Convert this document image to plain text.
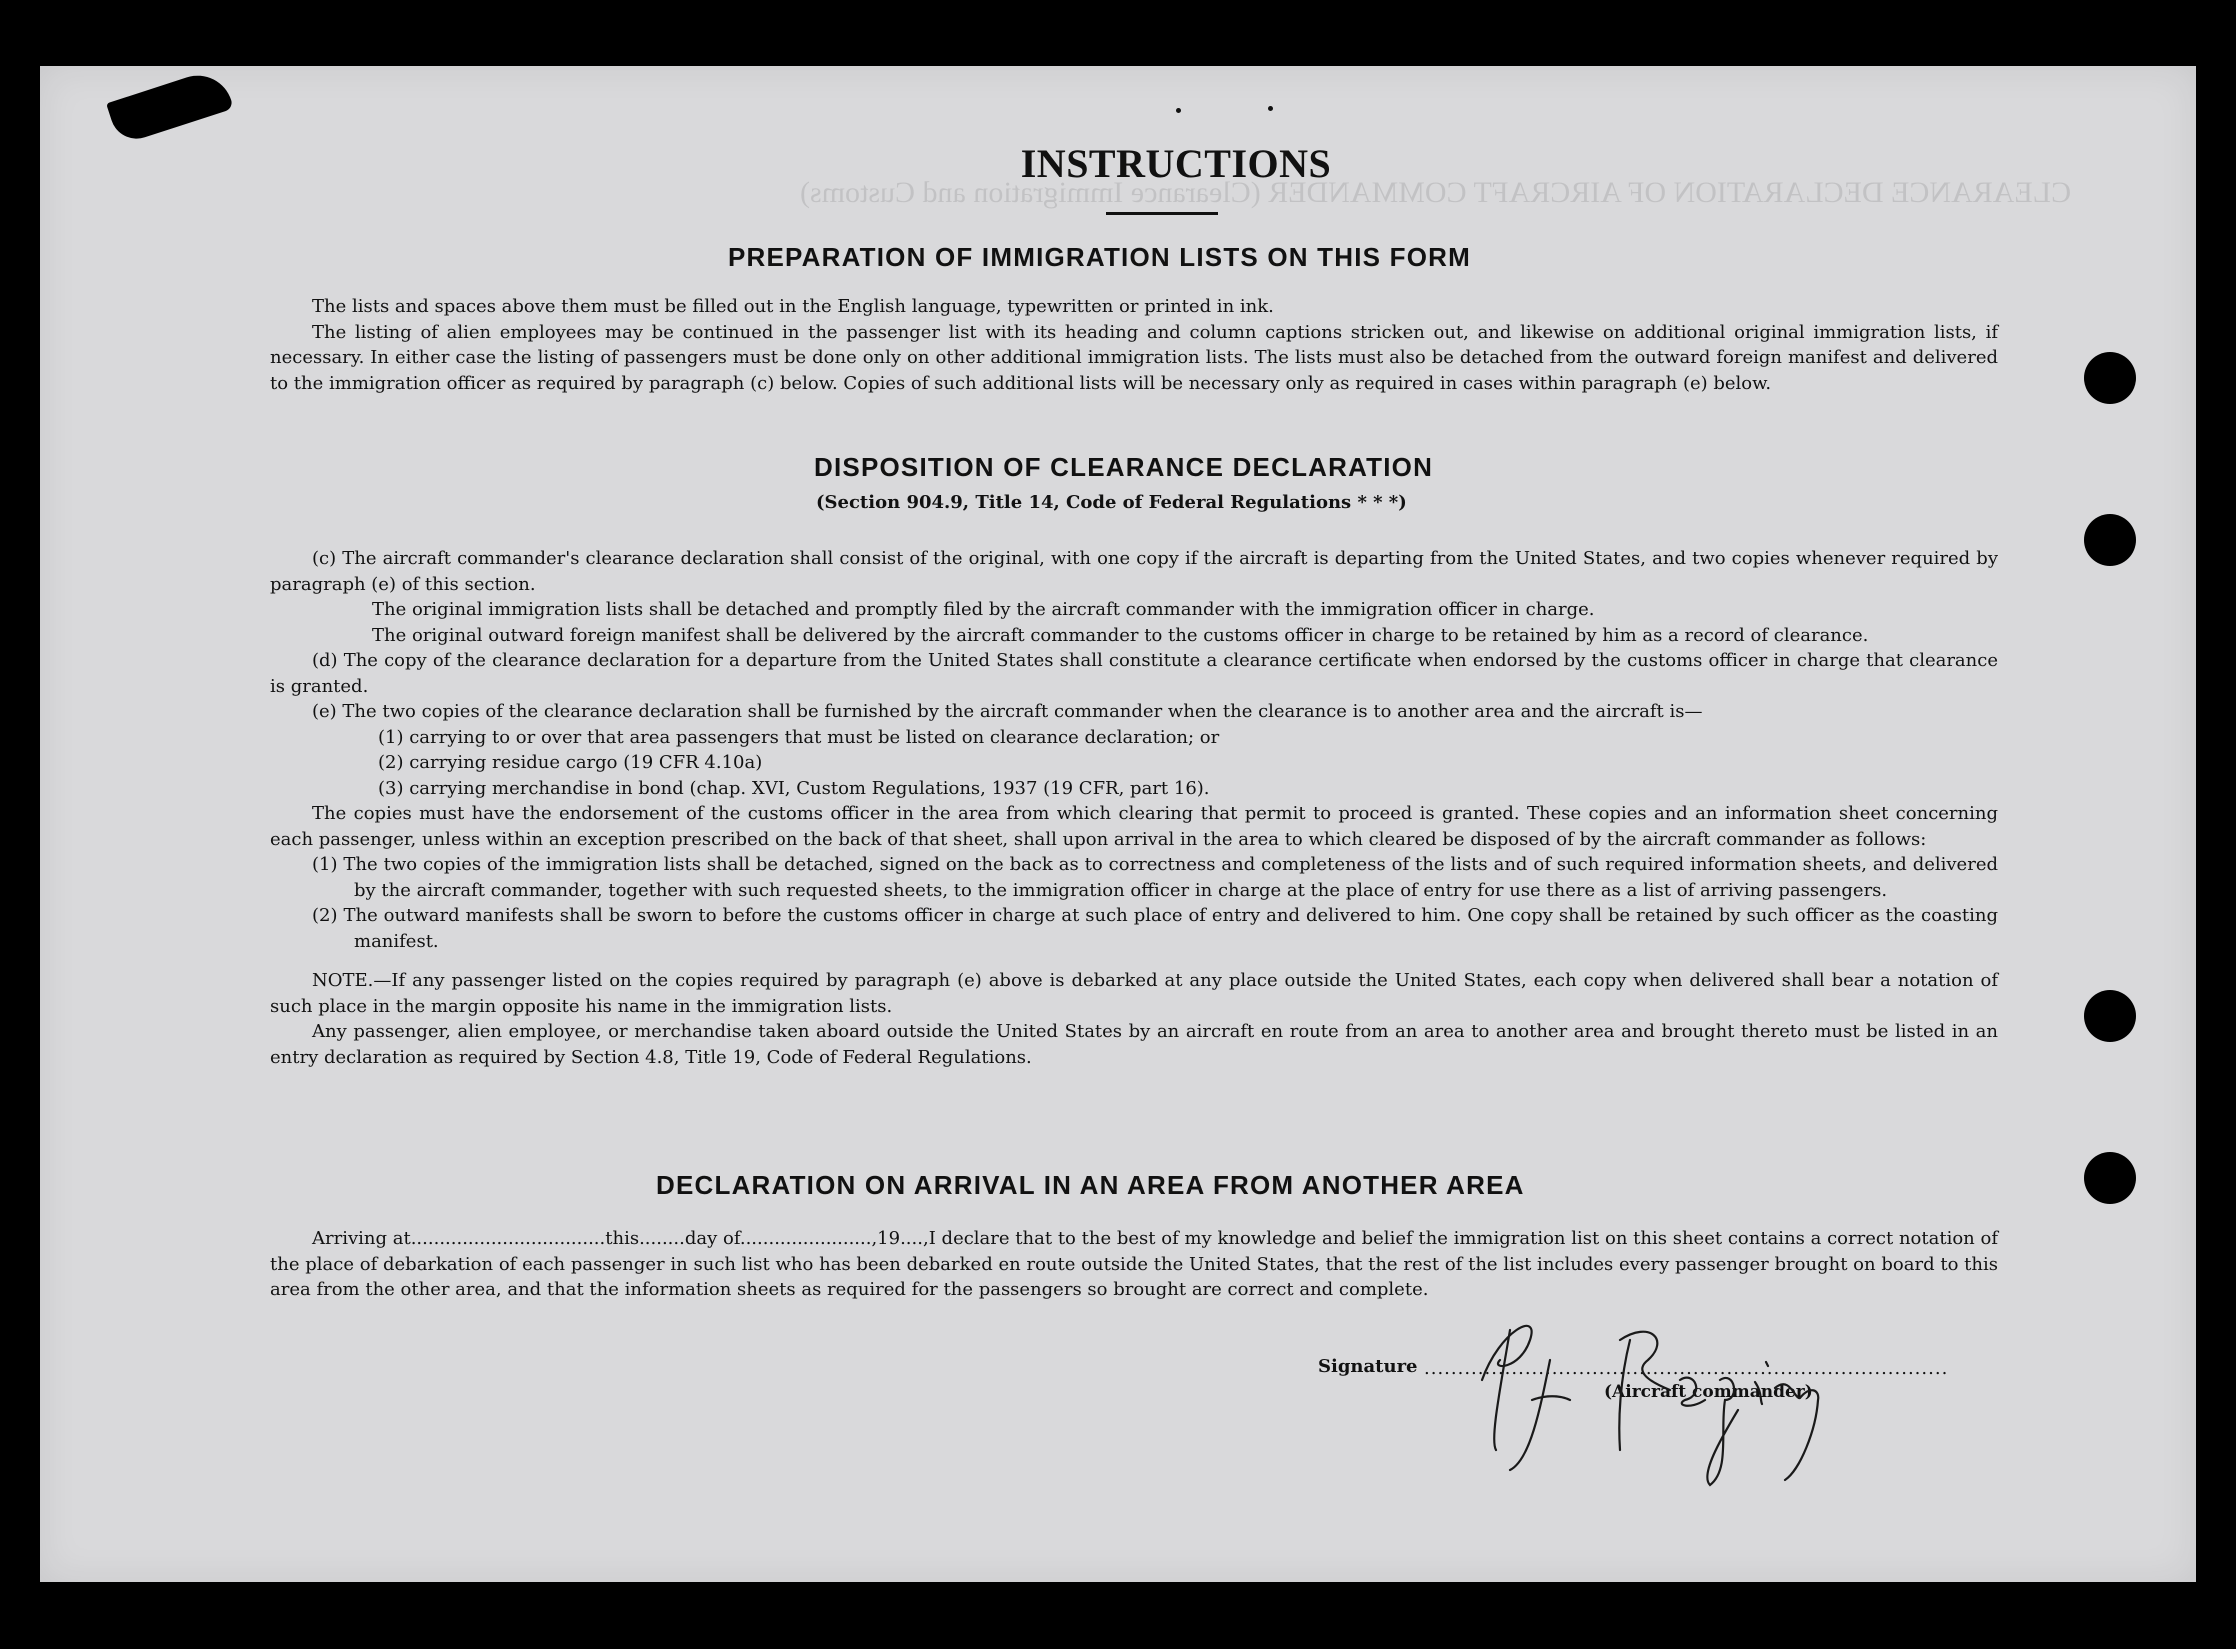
CLEARANCE DECLARATION OF AIRCRAFT COMMANDER (Clearance Immigration and Customs)
INSTRUCTIONS
PREPARATION OF IMMIGRATION LISTS ON THIS FORM

The lists and spaces above them must be filled out in the English language, typewritten or printed in ink.

The listing of alien employees may be continued in the passenger list with its heading and column captions stricken out, and likewise on additional original immigration lists, if necessary. In either case the listing of passengers must be done only on other additional immigration lists. The lists must also be detached from the outward foreign manifest and delivered to the immigration officer as required by paragraph (c) below. Copies of such additional lists will be necessary only as required in cases within paragraph (e) below.

DISPOSITION OF CLEARANCE DECLARATION
(Section 904.9, Title 14, Code of Federal Regulations * * *)

(c) The aircraft commander's clearance declaration shall consist of the original, with one copy if the aircraft is departing from the United States, and two copies whenever required by paragraph (e) of this section.

The original immigration lists shall be detached and promptly filed by the aircraft commander with the immigration officer in charge.

The original outward foreign manifest shall be delivered by the aircraft commander to the customs officer in charge to be retained by him as a record of clearance.

(d) The copy of the clearance declaration for a departure from the United States shall constitute a clearance certificate when endorsed by the customs officer in charge that clearance is granted.

(e) The two copies of the clearance declaration shall be furnished by the aircraft commander when the clearance is to another area and the aircraft is—

(1) carrying to or over that area passengers that must be listed on clearance declaration; or

(2) carrying residue cargo (19 CFR 4.10a)

(3) carrying merchandise in bond (chap. XVI, Custom Regulations, 1937 (19 CFR, part 16).

The copies must have the endorsement of the customs officer in the area from which clearing that permit to proceed is granted. These copies and an information sheet concerning each passenger, unless within an exception prescribed on the back of that sheet, shall upon arrival in the area to which cleared be disposed of by the aircraft commander as follows:

(1) The two copies of the immigration lists shall be detached, signed on the back as to correctness and completeness of the lists and of such required information sheets, and delivered by the aircraft commander, together with such requested sheets, to the immigration officer in charge at the place of entry for use there as a list of arriving passengers.

(2) The outward manifests shall be sworn to before the customs officer in charge at such place of entry and delivered to him. One copy shall be retained by such officer as the coasting manifest.

NOTE.—If any passenger listed on the copies required by paragraph (e) above is debarked at any place outside the United States, each copy when delivered shall bear a notation of such place in the margin opposite his name in the immigration lists.

Any passenger, alien employee, or merchandise taken aboard outside the United States by an aircraft en route from an area to another area and brought thereto must be listed in an entry declaration as required by Section 4.8, Title 19, Code of Federal Regulations.

DECLARATION ON ARRIVAL IN AN AREA FROM ANOTHER AREA

Arriving at..................................this........day of.......................,19....,I declare that to the best of my knowledge and belief the immigration list on this sheet contains a correct notation of the place of debarkation of each passenger in such list who has been debarked en route outside the United States, that the rest of the list includes every passenger brought on board to this area from the other area, and that the information sheets as required for the passengers so brought are correct and complete.

Signature ..............................................................................
(Aircraft commander)
